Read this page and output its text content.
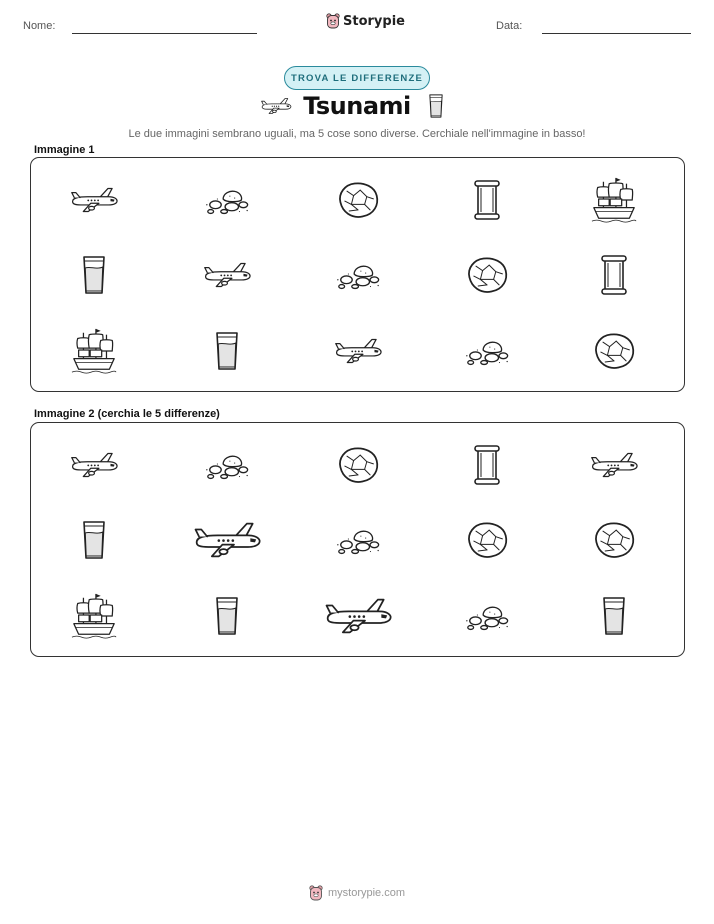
Nome:	Storypie	Data:
TROVA LE DIFFERENZE
Tsunami
Le due immagini sembrano uguali, ma 5 cose sono diverse. Cerchiale nell'immagine in basso!
Immagine 1
Immagine 2 (cerchia le 5 differenze)
mystorypie.com
